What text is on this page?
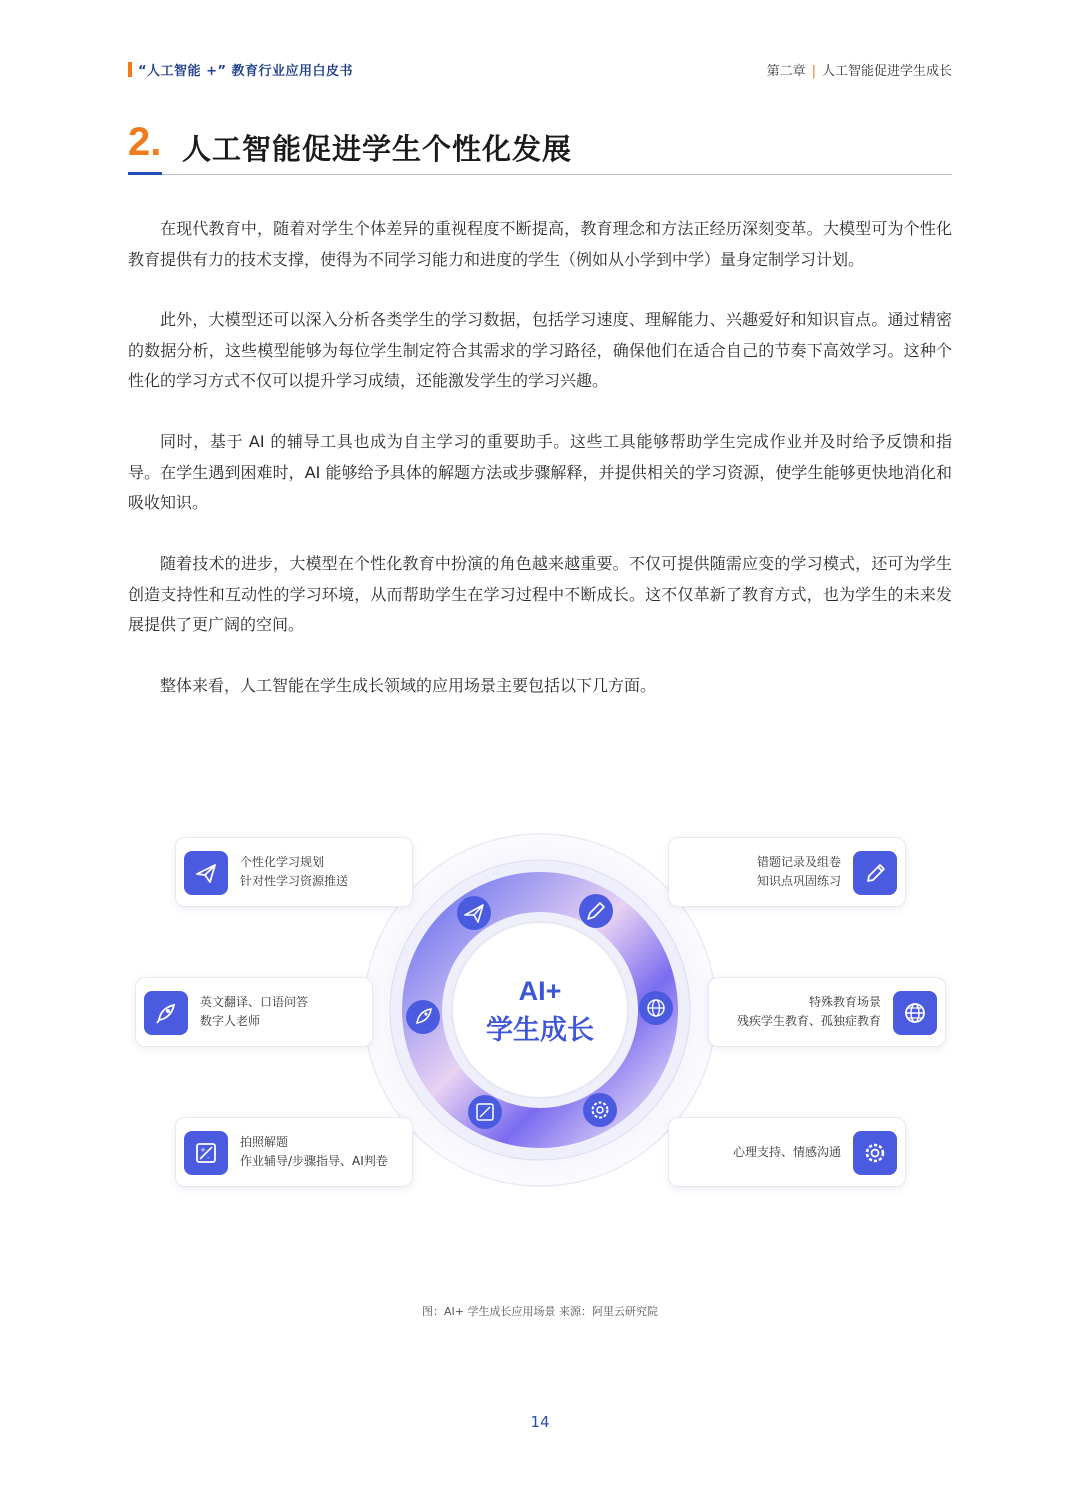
“人工智能 +” 教育行业应用白皮书	第二章 | 人工智能促进学生成长
2. 人工智能促进学生个性化发展

在现代教育中，随着对学生个体差异的重视程度不断提高，教育理念和方法正经历深刻变革。大模型可为个性化教育提供有力的技术支撑，使得为不同学习能力和进度的学生（例如从小学到中学）量身定制学习计划。

此外，大模型还可以深入分析各类学生的学习数据，包括学习速度、理解能力、兴趣爱好和知识盲点。通过精密的数据分析，这些模型能够为每位学生制定符合其需求的学习路径，确保他们在适合自己的节奏下高效学习。这种个性化的学习方式不仅可以提升学习成绩，还能激发学生的学习兴趣。

同时，基于 AI 的辅导工具也成为自主学习的重要助手。这些工具能够帮助学生完成作业并及时给予反馈和指导。在学生遇到困难时，AI 能够给予具体的解题方法或步骤解释，并提供相关的学习资源，使学生能够更快地消化和吸收知识。

随着技术的进步，大模型在个性化教育中扮演的角色越来越重要。不仅可提供随需应变的学习模式，还可为学生创造支持性和互动性的学习环境，从而帮助学生在学习过程中不断成长。这不仅革新了教育方式，也为学生的未来发展提供了更广阔的空间。

整体来看，人工智能在学生成长领域的应用场景主要包括以下几方面。

AI+
学生成长
个性化学习规划
针对性学习资源推送
英文翻译、口语问答
数字人老师
+
-
拍照解题
作业辅导/步骤指导、AI判卷
错题记录及组卷
知识点巩固练习
特殊教育场景
残疾学生教育、孤独症教育
心理支持、情感沟通
图：AI+ 学生成长应用场景 来源：阿里云研究院
14
